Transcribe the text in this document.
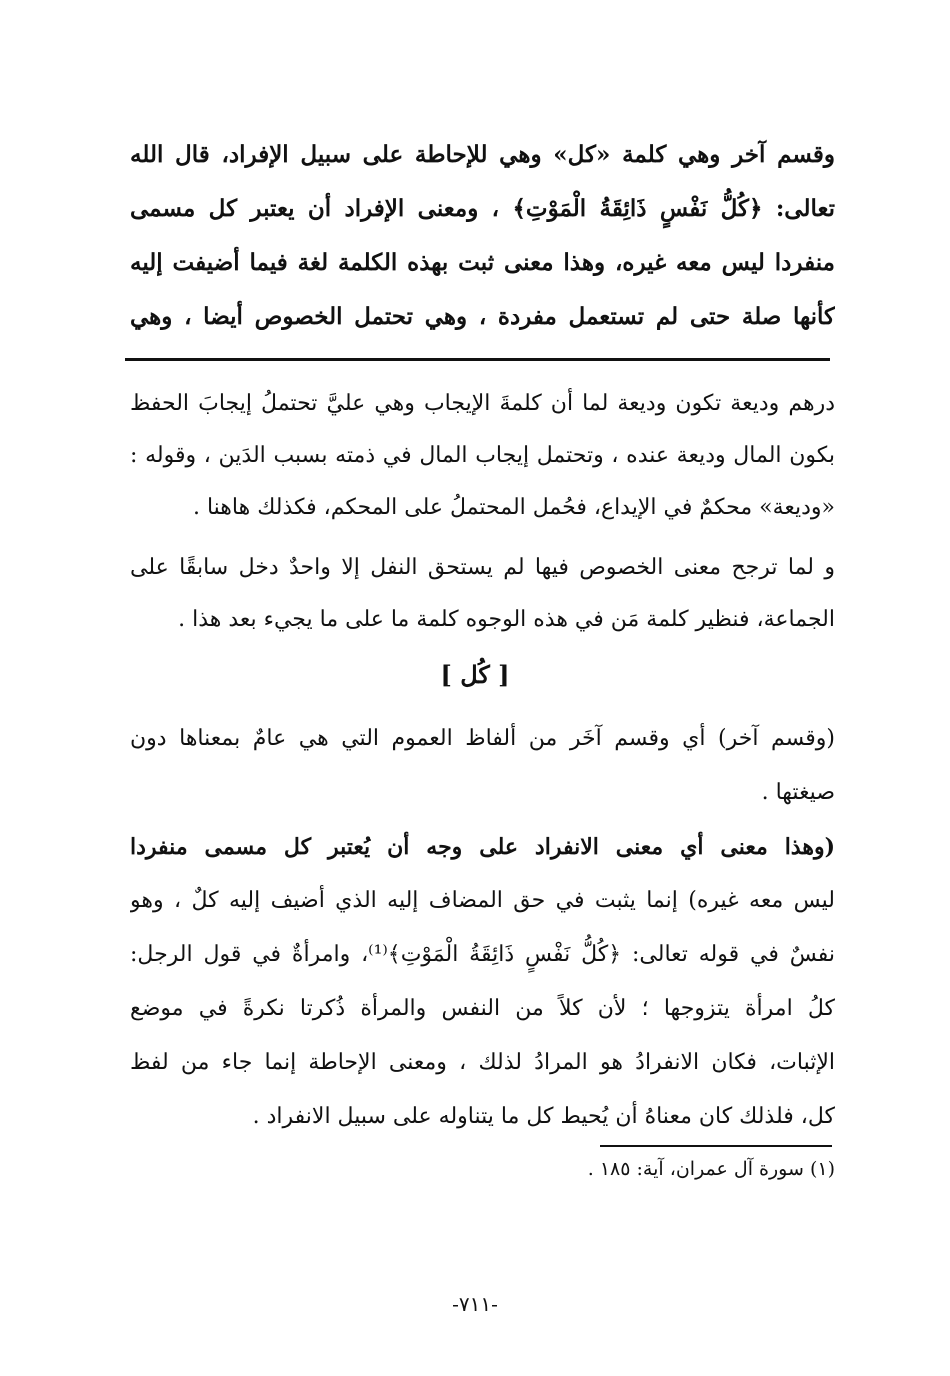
وقسم آخر وهي كلمة «كل» وهي للإحاطة على سبيل الإفراد، قال الله
تعالى: ﴿كُلُّ نَفْسٍ ذَائِقَةُ الْمَوْتِ﴾ ، ومعنى الإفراد أن يعتبر كل مسمى
منفردا ليس معه غيره، وهذا معنى ثبت بهذه الكلمة لغة فيما أضيفت إليه
كأنها صلة حتى لم تستعمل مفردة ، وهي تحتمل الخصوص أيضا ، وهي
درهم وديعة تكون وديعة لما أن كلمةَ الإيجاب وهي عليَّ تحتملُ إيجابَ الحفظ
بكون المال وديعة عنده ، وتحتمل إيجاب المال في ذمته بسبب الدَين ، وقوله :
«وديعة» محكمٌ في الإيداع، فحُمل المحتملُ على المحكم، فكذلك هاهنا .
و لما ترجح معنى الخصوص فيها لم يستحق النفل إلا واحدٌ دخل سابقًا على
الجماعة، فنظير كلمة مَن في هذه الوجوه كلمة ما على ما يجيء بعد هذا .
[ كُل ]
(وقسم آخر) أي وقسم آخَر من ألفاظ العموم التي هي عامٌ بمعناها دون
صيغتها .
(وهذا معنى أي معنى الانفراد على وجه أن يُعتبر كل مسمى منفردا
ليس معه غيره) إنما يثبت في حق المضاف إليه الذي أضيف إليه كلٌ ، وهو
نفسٌ في قوله تعالى: ﴿كُلُّ نَفْسٍ ذَائِقَةُ الْمَوْتِ﴾⁽¹⁾، وامرأةٌ في قول الرجل:
كلُ امرأة يتزوجها ؛ لأن كلاً من النفس والمرأة ذُكرتا نكرةً في موضع
الإثبات، فكان الانفرادُ هو المرادُ لذلك ، ومعنى الإحاطة إنما جاء من لفظ
كل، فلذلك كان معناهُ أن يُحيط كل ما يتناوله على سبيل الانفراد .
(١) سورة آل عمران، آية: ١٨٥ .
-٧١١-
